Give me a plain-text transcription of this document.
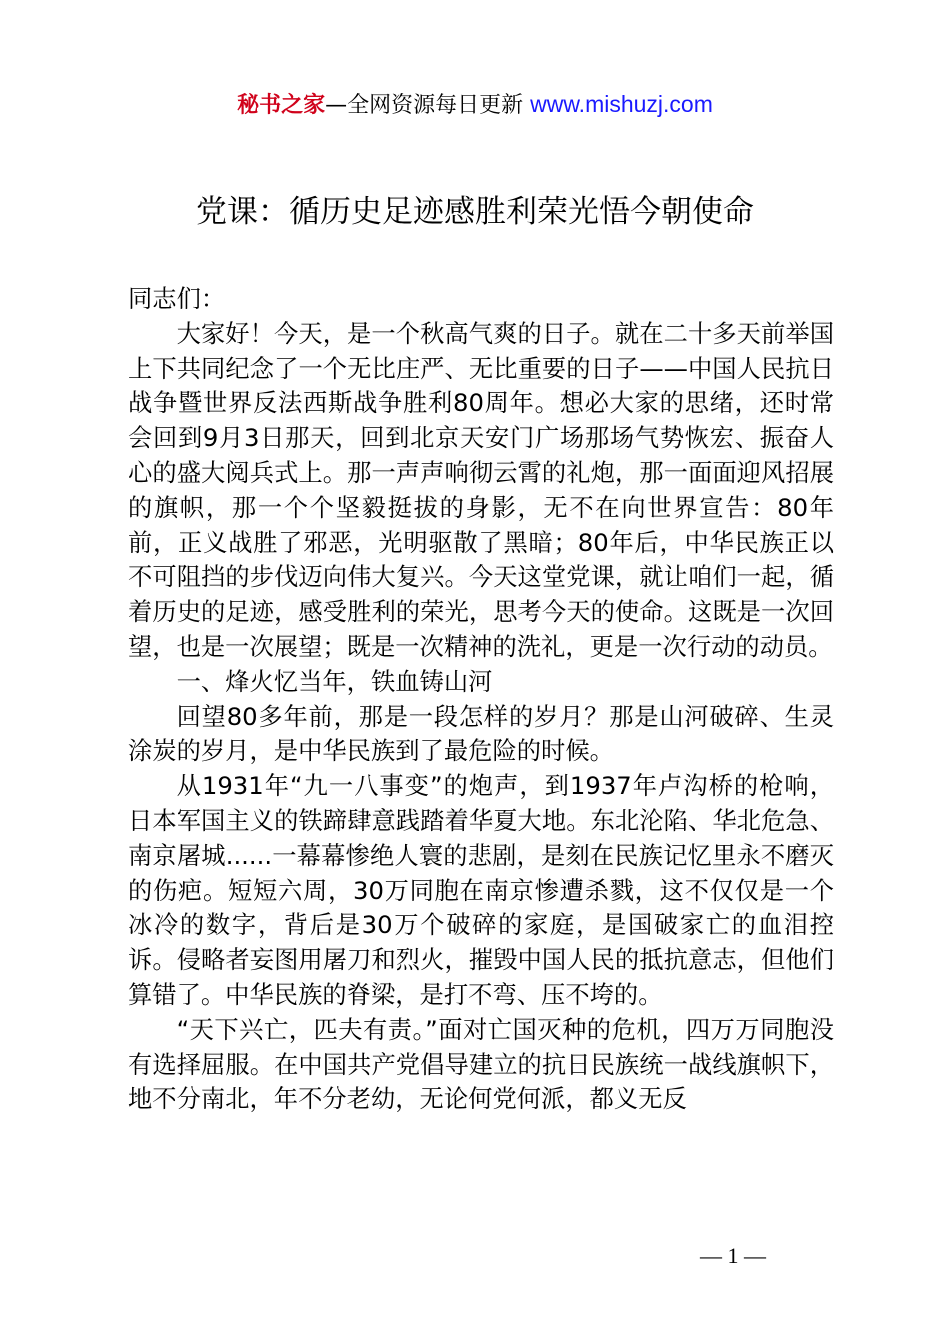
秘书之家—全网资源每日更新 www.mishuzj.com
党课：循历史足迹感胜利荣光悟今朝使命

同志们：

大家好！今天，是一个秋高气爽的日子。就在二十多天前举国上下共同纪念了一个无比庄严、无比重要的日子——中国人民抗日战争暨世界反法西斯战争胜利80周年。想必大家的思绪，还时常会回到9月3日那天，回到北京天安门广场那场气势恢宏、振奋人心的盛大阅兵式上。那一声声响彻云霄的礼炮，那一面面迎风招展的旗帜，那一个个坚毅挺拔的身影，无不在向世界宣告：80年前，正义战胜了邪恶，光明驱散了黑暗；80年后，中华民族正以不可阻挡的步伐迈向伟大复兴。今天这堂党课，就让咱们一起，循着历史的足迹，感受胜利的荣光，思考今天的使命。这既是一次回望，也是一次展望；既是一次精神的洗礼，更是一次行动的动员。

一、烽火忆当年，铁血铸山河

回望80多年前，那是一段怎样的岁月？那是山河破碎、生灵涂炭的岁月，是中华民族到了最危险的时候。

从1931年“九一八事变”的炮声，到1937年卢沟桥的枪响，日本军国主义的铁蹄肆意践踏着华夏大地。东北沦陷、华北危急、南京屠城......一幕幕惨绝人寰的悲剧，是刻在民族记忆里永不磨灭的伤疤。短短六周，30万同胞在南京惨遭杀戮，这不仅仅是一个冰冷的数字，背后是30万个破碎的家庭，是国破家亡的血泪控诉。侵略者妄图用屠刀和烈火，摧毁中国人民的抵抗意志，但他们算错了。中华民族的脊梁，是打不弯、压不垮的。

“天下兴亡，匹夫有责。”面对亡国灭种的危机，四万万同胞没有选择屈服。在中国共产党倡导建立的抗日民族统一战线旗帜下，地不分南北，年不分老幼，无论何党何派，都义无反

— 1 —
